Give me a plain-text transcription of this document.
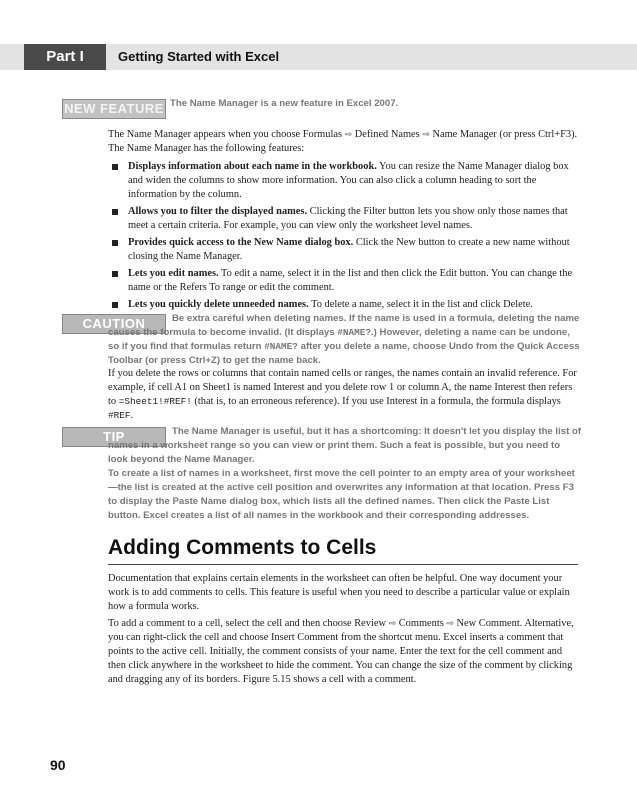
Part I	Getting Started with Excel
NEW FEATURE The Name Manager is a new feature in Excel 2007.
The Name Manager appears when you choose Formulas ⇨ Defined Names ⇨ Name Manager (or press Ctrl+F3). The Name Manager has the following features:
Displays information about each name in the workbook. You can resize the Name Manager dialog box and widen the columns to show more information. You can also click a column heading to sort the information by the column.
Allows you to filter the displayed names. Clicking the Filter button lets you show only those names that meet a certain criteria. For example, you can view only the worksheet level names.
Provides quick access to the New Name dialog box. Click the New button to create a new name without closing the Name Manager.
Lets you edit names. To edit a name, select it in the list and then click the Edit button. You can change the name or the Refers To range or edit the comment.
Lets you quickly delete unneeded names. To delete a name, select it in the list and click Delete.
CAUTION	Be extra careful when deleting names. If the name is used in a formula, deleting the name causes the formula to become invalid. (It displays #NAME?.) However, deleting a name can be undone, so if you find that formulas return #NAME? after you delete a name, choose Undo from the Quick Access Toolbar (or press Ctrl+Z) to get the name back.
If you delete the rows or columns that contain named cells or ranges, the names contain an invalid reference. For example, if cell A1 on Sheet1 is named Interest and you delete row 1 or column A, the name Interest then refers to =Sheet1!#REF! (that is, to an erroneous reference). If you use Interest in a formula, the formula displays #REF.
TIP	The Name Manager is useful, but it has a shortcoming: It doesn't let you display the list of names in a worksheet range so you can view or print them. Such a feat is possible, but you need to look beyond the Name Manager.
To create a list of names in a worksheet, first move the cell pointer to an empty area of your worksheet—the list is created at the active cell position and overwrites any information at that location. Press F3 to display the Paste Name dialog box, which lists all the defined names. Then click the Paste List button. Excel creates a list of all names in the workbook and their corresponding addresses.
Adding Comments to Cells
Documentation that explains certain elements in the worksheet can often be helpful. One way document your work is to add comments to cells. This feature is useful when you need to describe a particular value or explain how a formula works.
To add a comment to a cell, select the cell and then choose Review ⇨ Comments ⇨ New Comment. Alternative, you can right-click the cell and choose Insert Comment from the shortcut menu. Excel inserts a comment that points to the active cell. Initially, the comment consists of your name. Enter the text for the cell comment and then click anywhere in the worksheet to hide the comment. You can change the size of the comment by clicking and dragging any of its borders. Figure 5.15 shows a cell with a comment.
90
